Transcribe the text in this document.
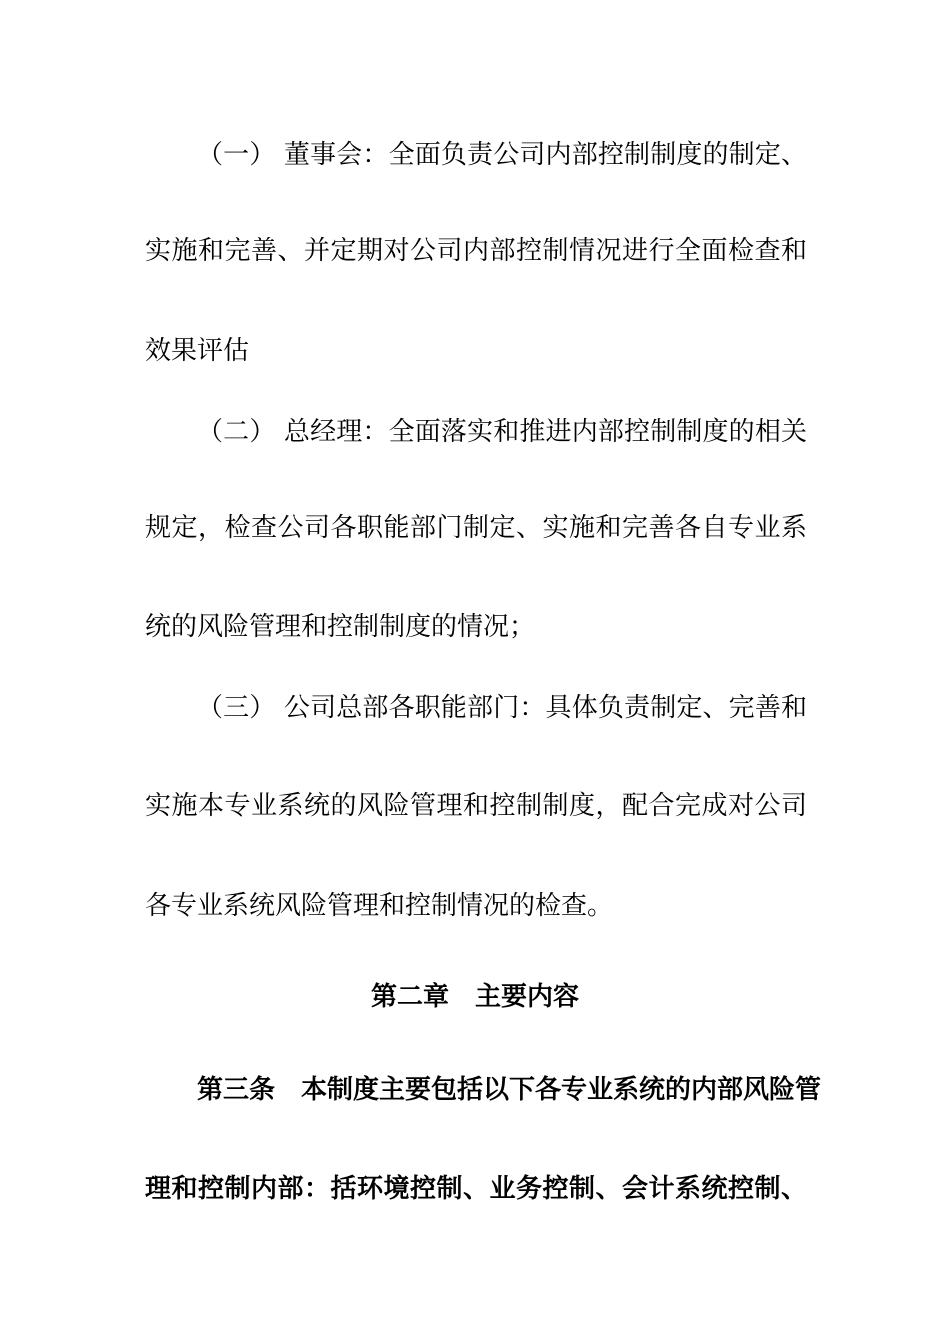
（一） 董事会：全面负责公司内部控制制度的制定、
实施和完善、并定期对公司内部控制情况进行全面检查和
效果评估
（二） 总经理：全面落实和推进内部控制制度的相关
规定，检查公司各职能部门制定、实施和完善各自专业系
统的风险管理和控制制度的情况；
（三） 公司总部各职能部门：具体负责制定、完善和
实施本专业系统的风险管理和控制制度，配合完成对公司
各专业系统风险管理和控制情况的检查。
第二章　主要内容
第三条　本制度主要包括以下各专业系统的内部风险管
理和控制内部：括环境控制、业务控制、会计系统控制、
